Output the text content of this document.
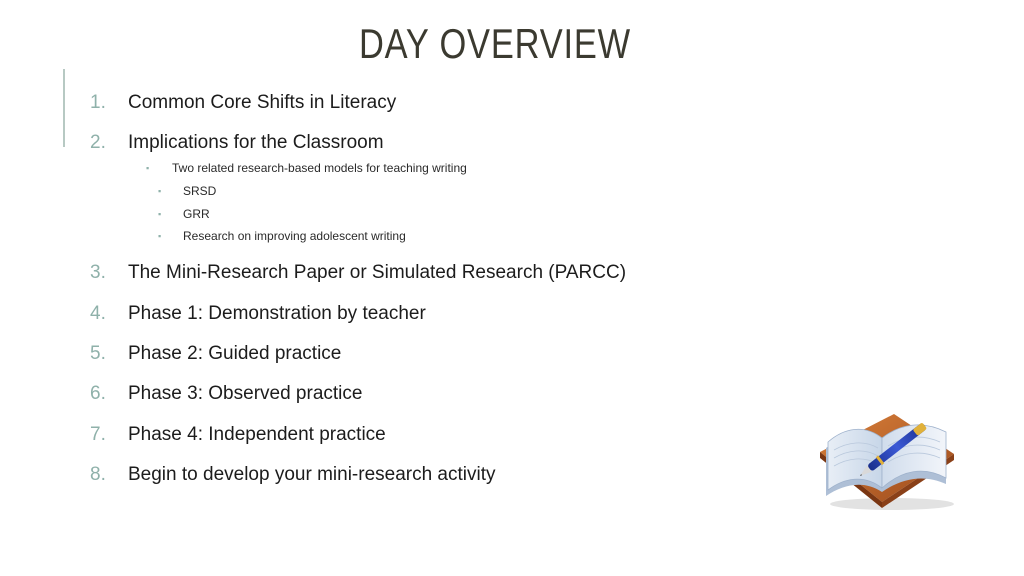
DAY OVERVIEW
1.	Common Core Shifts in Literacy
2.	Implications for the Classroom
▪	Two related research-based models for teaching writing
▪	SRSD
▪	GRR
▪	Research on improving adolescent writing
3.	The Mini-Research Paper or Simulated Research (PARCC)
4.	Phase 1: Demonstration by teacher
5.	Phase 2: Guided practice
6.	Phase 3: Observed practice
7.	Phase 4: Independent practice
8.	Begin to develop your mini-research activity
